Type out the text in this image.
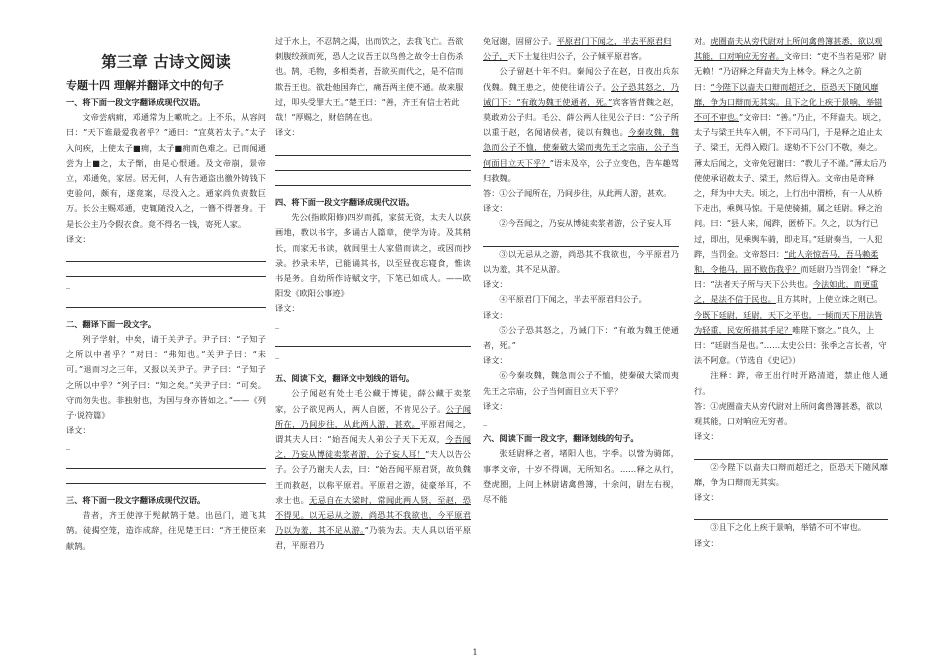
第三章 古诗文阅读
专题十四 理解并翻译文中的句子
一、将下面一段文字翻译成现代汉语。

文帝尝病痈，邓通常为上嗽吮之。上不乐，从容问曰：“天下谁最爱我者乎？”通曰：“宜莫若太子。”太子入问疾，上使太子■痈，太子■痈而色难之。已而闻通尝为上■之，太子惭，由是心恨通。及文帝崩，景帝立，邓通免，家居。居无何，人有告通盗出徼外铸钱下吏验问，颇有，遂竟案，尽没入之。通家尚负责数巨万。长公主赐邓通，吏辄随没入之，一簪不得著身。于是长公主乃令假衣食。竟不得名一钱，寄死人家。

译文：
_
二、翻译下面一段文字。

列子学射，中矣，请于关尹子。尹子曰：“子知子之所以中者乎？”对曰：“弗知也。”关尹子曰：“未可。”退而习之三年，又报以关尹子。尹子曰：“子知子之所以中乎？”列子曰：“知之矣。”关尹子曰：“可矣。守而勿失也。非独射也，为国与身亦皆如之。”——《列子·说符篇》

译文：
_
三、将下面一段文字翻译成现代汉语。

昔者，齐王使淳于髡献鹄于楚。出邑门，道飞其鹄。徒揭空笼，造诈成辞，往见楚王曰：“齐王使臣来献鹄。

过于水上，不忍鹄之渴，出而饮之，去我飞亡。吾欲刺腹绞颈而死，恐人之议吾王以鸟兽之故令士自伤杀也。鹄，毛物，多相类者，吾欲买而代之，是不信而欺吾王也。欲赴他国奔亡，痛吾两主使不通。故来服过，叩头受罪大王。”楚王曰：“善，齐王有信士若此哉！”厚赐之，财倍鹄在也。

译文：
四、将下面一段文字翻译成现代汉语。

先公(指欧阳修)四岁而孤，家贫无资，太夫人以荻画地，教以书字，多诵古人篇章，使学为诗。及其稍长，而家无书读，就闾里士人家借而读之，或因而抄录。抄录未毕，已能诵其书，以至昼夜忘寝食，惟读书是务。自幼所作诗赋文字，下笔已如成人。——欧阳发《欧阳公事迹》

译文：
_
_
五、阅读下文，翻译文中划线的语句。

公子闻赵有处士毛公藏于博徒，薛公藏于卖浆家，公子欲见两人，两人自匿，不肯见公子。公子闻所在，乃间步往，从此两人游，甚欢。平原君闻之，谓其夫人曰：“始吾闻夫人弟公子天下无双，今吾闻之，乃妄从博徒卖浆者游，公子妄人耳！”夫人以告公子。公子乃谢夫人去，曰：“始吾闻平原君贤，故负魏王而救赵，以称平原君。平原君之游，徒豪举耳，不求士也。无忌自在大梁时，常闻此两人贤，至赵，恐不得见。以无忌从之游，尚恐其不我欲也，今平原君乃以为羞，其不足从游。”乃装为去。夫人具以语平原君，平原君乃

免冠谢，固留公子。平原君门下闻之，半去平原君归公子，天下士复往归公子，公子倾平原君客。

公子留赵十年不归。秦闻公子在赵，日夜出兵东伐魏。魏王患之，使使往请公子。公子恐其怒之，乃诫门下：“有敢为魏王使通者，死。”宾客皆背魏之赵，莫敢劝公子归。毛公、薛公两人往见公子曰：“公子所以重于赵，名闻诸侯者，徒以有魏也。今秦攻魏，魏急而公子不恤，使秦破大梁而夷先王之宗庙，公子当何面目立天下乎？”语未及卒，公子立变色，告车趣驾归救魏。

答：①公子闻所在，乃间步往，从此两人游，甚欢。

译文：

②今吾闻之，乃妄从博徒卖浆者游，公子妄人耳

③以无忌从之游，尚恐其不我欲也，今平原君乃以为羞，其不足从游。

译文：

④平原君门下闻之，半去平原君归公子。

译文：

⑤公子恐其怒之，乃诫门下：“有敢为魏王使通者，死。”

译文：

⑥今秦攻魏，魏急而公子不恤，使秦破大梁而夷先王之宗庙，公子当何面目立天下乎？

译文：
_
六、阅读下面一段文字，翻译划线的句子。

张廷尉释之者，堵阳人也，字季。以訾为骑郎，事孝文帝，十岁不得调，无所知名。……释之从行，登虎圈，上问上林尉诸禽兽簿，十余问，尉左右视，尽不能

对。虎圈啬夫从旁代尉对上所问禽兽簿甚悉，欲以观其能，口对响应无穷者。文帝曰：“吏不当若是邪？尉无赖！”乃诏释之拜啬夫为上林令。释之久之前曰：“今陛下以啬夫口辩而超迁之，臣恐天下随风靡靡，争为口辩而无其实。且下之化上疾于景响，举错不可不审也。”文帝曰：“善。”乃止，不拜啬夫。顷之，太子与梁王共车入朝，不下司马门，于是释之追止太子、梁王，无得入殿门。遂劾不下公门不敬，奏之。薄太后闻之，文帝免冠谢曰：“教儿子不谨。”薄太后乃使使承诏赦太子、梁王，然后得入。文帝由是奇释之，拜为中大夫。顷之，上行出中渭桥，有一人从桥下走出，乘舆马惊。于是使骑捕，属之廷尉。释之治问。曰：“县人来，闻跸，匿桥下。久之，以为行已过，即出，见乘舆车骑，即走耳。”廷尉奏当，一人犯跸，当罚金。文帝怒曰：“此人亲惊吾马，吾马赖柔和，令他马，固不败伤我乎？而廷尉乃当罚金！”释之曰：“法者天子所与天下公共也。今法如此，而更重之，是法不信于民也。且方其时，上使立诛之则已。今既下廷尉，廷尉，天下之平也，一倾而天下用法皆为轻重，民安所措其手足？唯陛下察之。”良久，上曰：“廷尉当是也。”……太史公曰：张季之言长者，守法不阿意。（节选自《史记》）

注释：跸，帝王出行时开路清道，禁止他人通行。

答：①虎圈啬夫从旁代尉对上所问禽兽簿甚悉，欲以观其能，口对响应无穷者。

译文：

②今陛下以啬夫口辩而超迁之，臣恐天下随风靡靡，争为口辩而无其实。

译文：

③且下之化上疾于景响，举错不可不审也。

译文：
1
